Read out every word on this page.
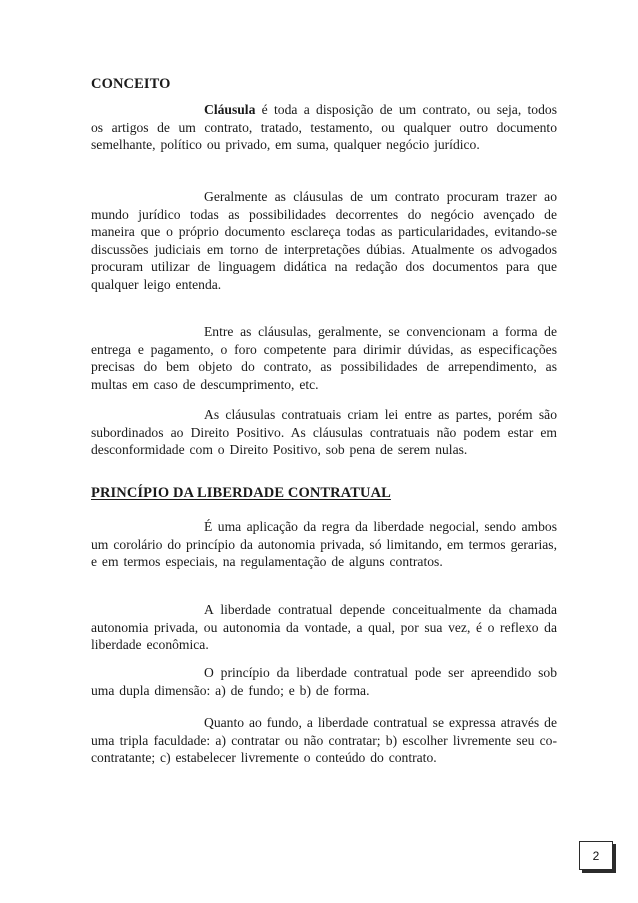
CONCEITO

Cláusula é toda a disposição de um contrato, ou seja, todos os artigos de um contrato, tratado, testamento, ou qualquer outro documento semelhante, político ou privado, em suma, qualquer negócio jurídico.

Geralmente as cláusulas de um contrato procuram trazer ao mundo jurídico todas as possibilidades decorrentes do negócio avençado de maneira que o próprio documento esclareça todas as particularidades, evitando-se discussões judiciais em torno de interpretações dúbias. Atualmente os advogados procuram utilizar de linguagem didática na redação dos documentos para que qualquer leigo entenda.

Entre as cláusulas, geralmente, se convencionam a forma de entrega e pagamento, o foro competente para dirimir dúvidas, as especificações precisas do bem objeto do contrato, as possibilidades de arrependimento, as multas em caso de descumprimento, etc.

As cláusulas contratuais criam lei entre as partes, porém são subordinados ao Direito Positivo. As cláusulas contratuais não podem estar em desconformidade com o Direito Positivo, sob pena de serem nulas.

PRINCÍPIO DA LIBERDADE CONTRATUAL

É uma aplicação da regra da liberdade negocial, sendo ambos um corolário do princípio da autonomia privada, só limitando, em termos gerarias, e em termos especiais, na regulamentação de alguns contratos.

A liberdade contratual depende conceitualmente da chamada autonomia privada, ou autonomia da vontade, a qual, por sua vez, é o reflexo da liberdade econômica.

O princípio da liberdade contratual pode ser apreendido sob uma dupla dimensão: a) de fundo; e b) de forma.

Quanto ao fundo, a liberdade contratual se expressa através de uma tripla faculdade: a) contratar ou não contratar; b) escolher livremente seu co-contratante; c) estabelecer livremente o conteúdo do contrato.

2
